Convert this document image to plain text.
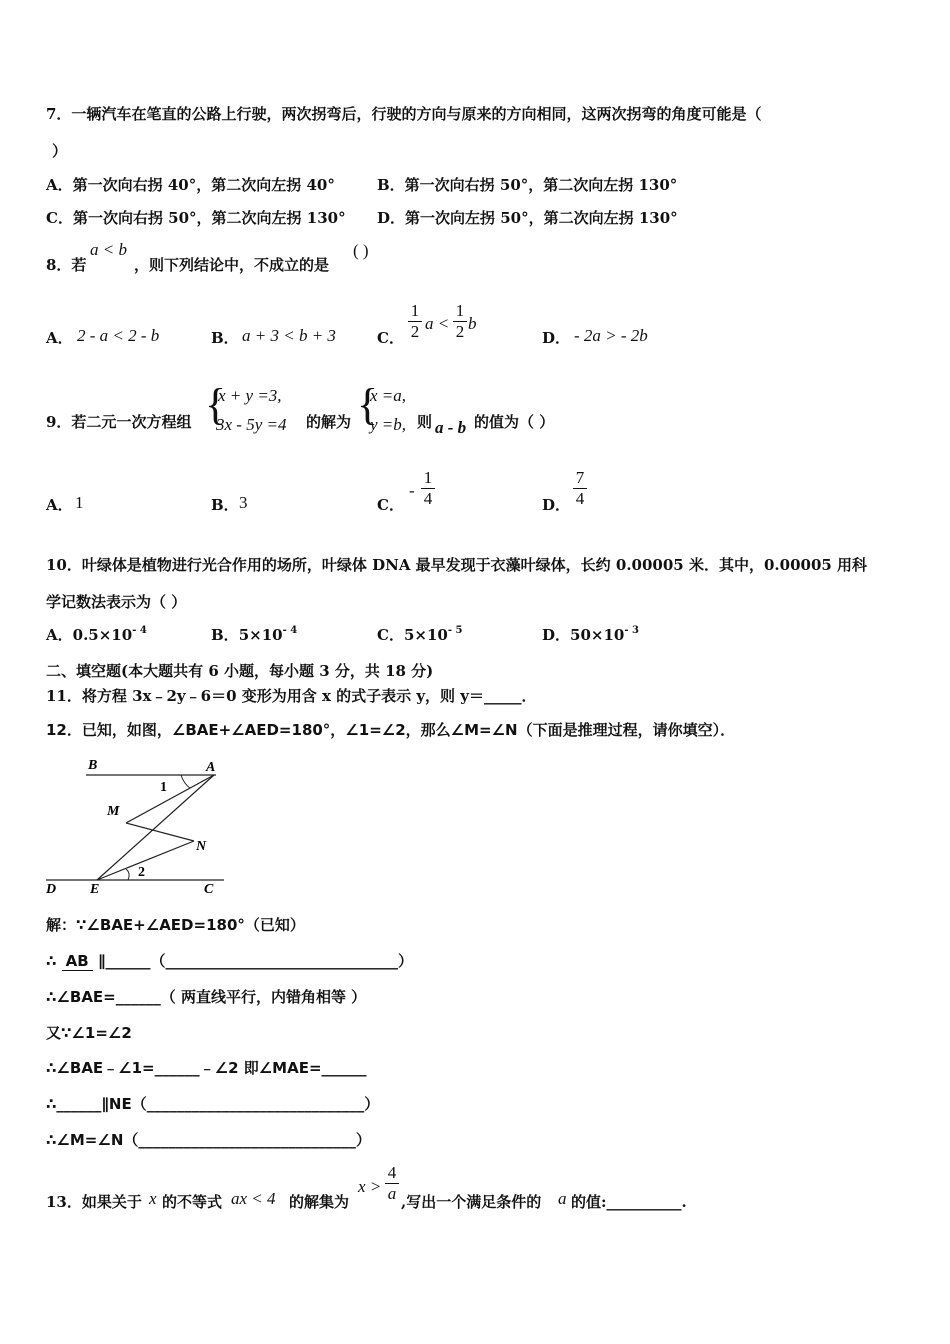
7．一辆汽车在笔直的公路上行驶，两次拐弯后，行驶的方向与原来的方向相同，这两次拐弯的角度可能是（
）
A．第一次向右拐 40°，第二次向左拐 40°	B．第一次向右拐 50°，第二次向左拐 130°
C．第一次向右拐 50°，第二次向左拐 130° D．第一次向左拐 50°，第二次向左拐 130°
8．若
a < b
，则下列结论中，不成立的是
( )
A． 2 - a < 2 - b	B． a + 3 < b + 3	C．
1
2 a <
1
2 b
D． - 2a > - 2b
9．若二元一次方程组 {
x + y =3,
3x - 5y =4 的解为 {
x =a,
y =b, 则 a - b 的值为（ ）
A． 1	B． 3	C．
-
1
4	D．
7
4
10．叶绿体是植物进行光合作用的场所，叶绿体 DNA 最早发现于衣藻叶绿体，长约 0.00005 米．其中，0.00005 用科
学记数法表示为（ ）
A．$0.5\times 10^{- 4}$	B．$5\times 10^{- 4}$	C．$5\times 10^{- 5}$	D．$50\times 10^{- 3}$
二、填空题(本大题共有 6 小题，每小题 3 分，共 18 分)
11．将方程 3x﹣2y﹣6＝0 变形为用含 x 的式子表示 y，则 y＝_____．
12．已知，如图，∠BAE+∠AED=180°，∠1=∠2，那么∠M=∠N（下面是推理过程，请你填空）．
B	A
1
M
N
2
D E	C
解：∵∠BAE+∠AED=180°（已知）
∴ AB ∥______（_______________________________）
∴∠BAE=______（ 两直线平行，内错角相等 ）
又∵∠1=∠2
∴∠BAE﹣∠1=______﹣∠2 即∠MAE=______
∴______∥NE（_____________________________）
∴∠M=∠N（_____________________________）
13．如果关于 x 的不等式 ax < 4 的解集为
x >
4
a ,写出一个满足条件的 a 的值:__________.
